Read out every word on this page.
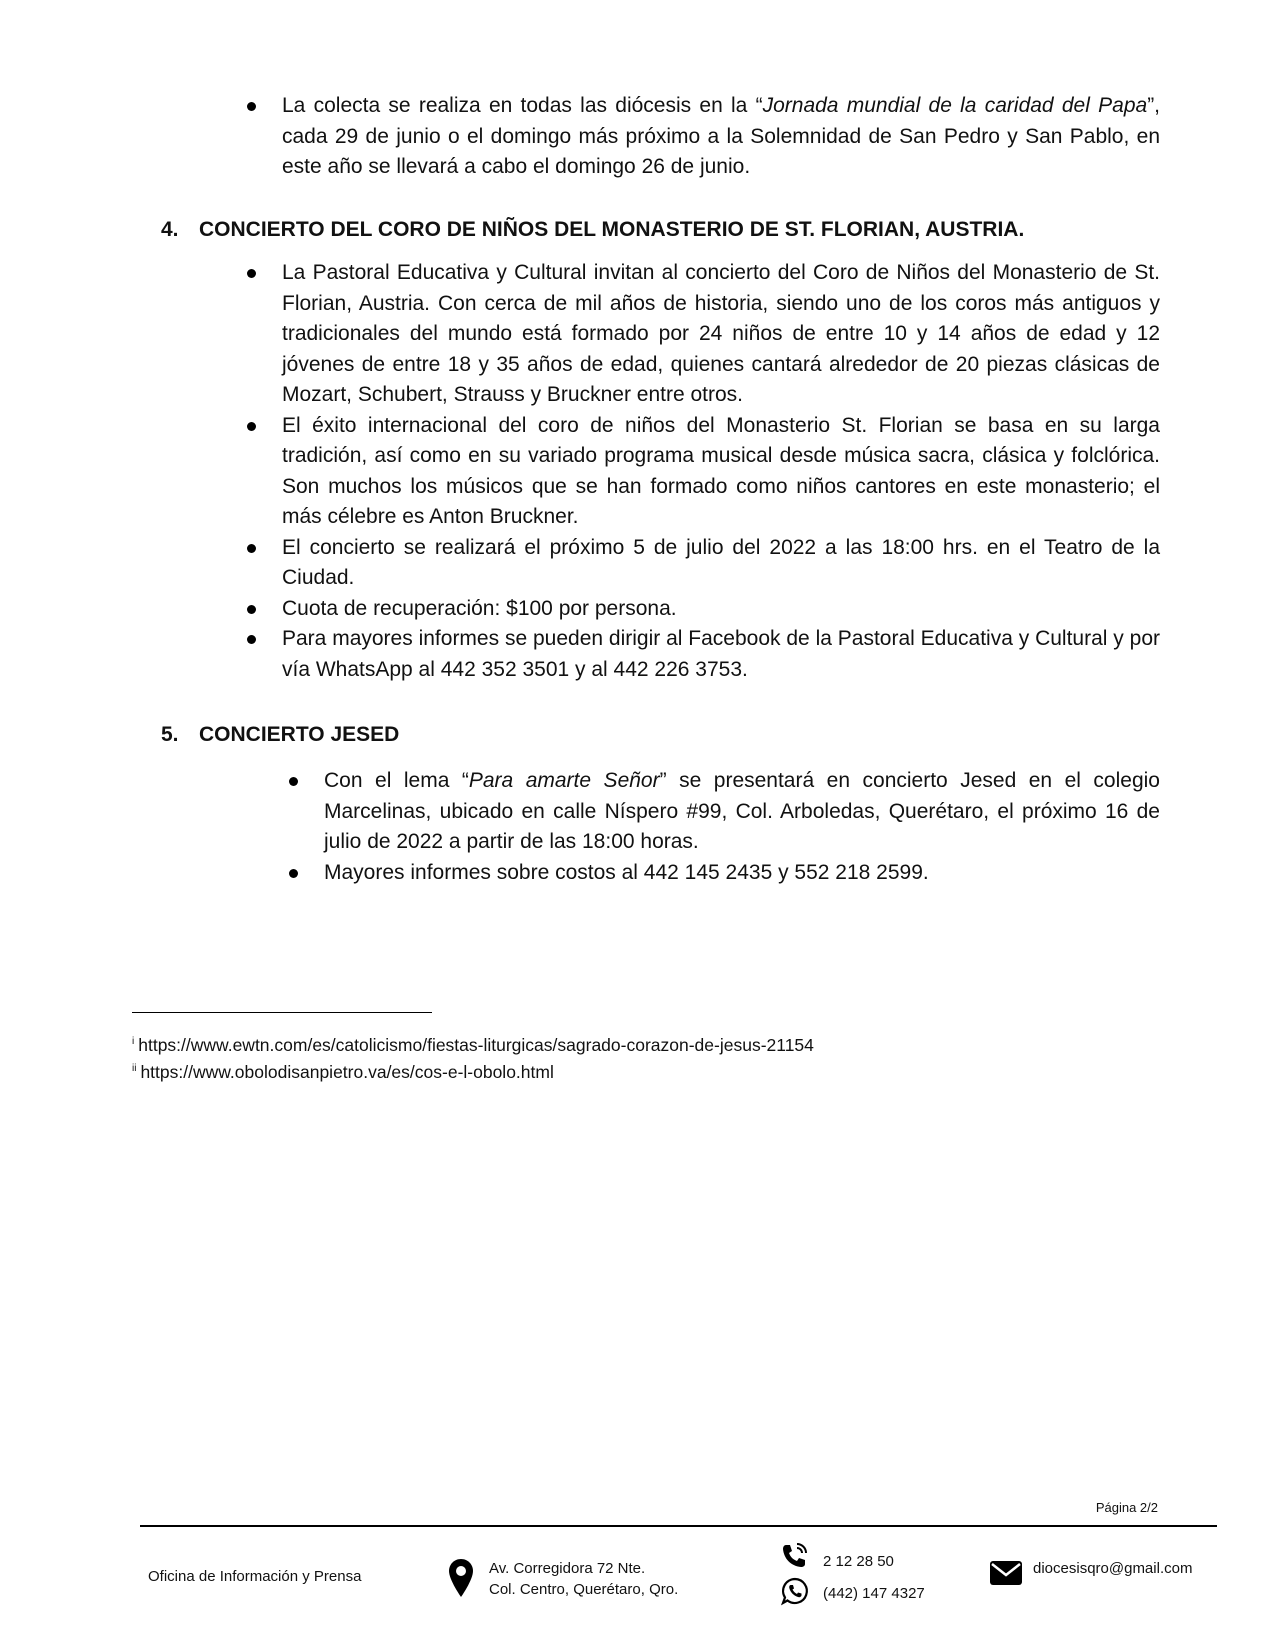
La colecta se realiza en todas las diócesis en la “Jornada mundial de la caridad del Papa”, cada 29 de junio o el domingo más próximo a la Solemnidad de San Pedro y San Pablo, en este año se llevará a cabo el domingo 26 de junio.
4. CONCIERTO DEL CORO DE NIÑOS DEL MONASTERIO DE ST. FLORIAN, AUSTRIA.
La Pastoral Educativa y Cultural invitan al concierto del Coro de Niños del Monasterio de St. Florian, Austria. Con cerca de mil años de historia, siendo uno de los coros más antiguos y tradicionales del mundo está formado por 24 niños de entre 10 y 14 años de edad y 12 jóvenes de entre 18 y 35 años de edad, quienes cantará alrededor de 20 piezas clásicas de Mozart, Schubert, Strauss y Bruckner entre otros.
El éxito internacional del coro de niños del Monasterio St. Florian se basa en su larga tradición, así como en su variado programa musical desde música sacra, clásica y folclórica. Son muchos los músicos que se han formado como niños cantores en este monasterio; el más célebre es Anton Bruckner.
El concierto se realizará el próximo 5 de julio del 2022 a las 18:00 hrs. en el Teatro de la Ciudad.
Cuota de recuperación: $100 por persona.
Para mayores informes se pueden dirigir al Facebook de la Pastoral Educativa y Cultural y por vía WhatsApp al 442 352 3501 y al 442 226 3753.
5. CONCIERTO JESED
Con el lema “Para amarte Señor” se presentará en concierto Jesed en el colegio Marcelinas, ubicado en calle Níspero #99, Col. Arboledas, Querétaro, el próximo 16 de julio de 2022 a partir de las 18:00 horas.
Mayores informes sobre costos al 442 145 2435 y 552 218 2599.
$^i$ https://www.ewtn.com/es/catolicismo/fiestas-liturgicas/sagrado-corazon-de-jesus-21154
$^{ii}$ https://www.obolodisanpietro.va/es/cos-e-l-obolo.html
Página 2/2
Oficina de Información y Prensa	Av. Corregidora 72 Nte.
Col. Centro, Querétaro, Qro.
2 12 28 50
(442) 147 4327
diocesisqro@gmail.com
